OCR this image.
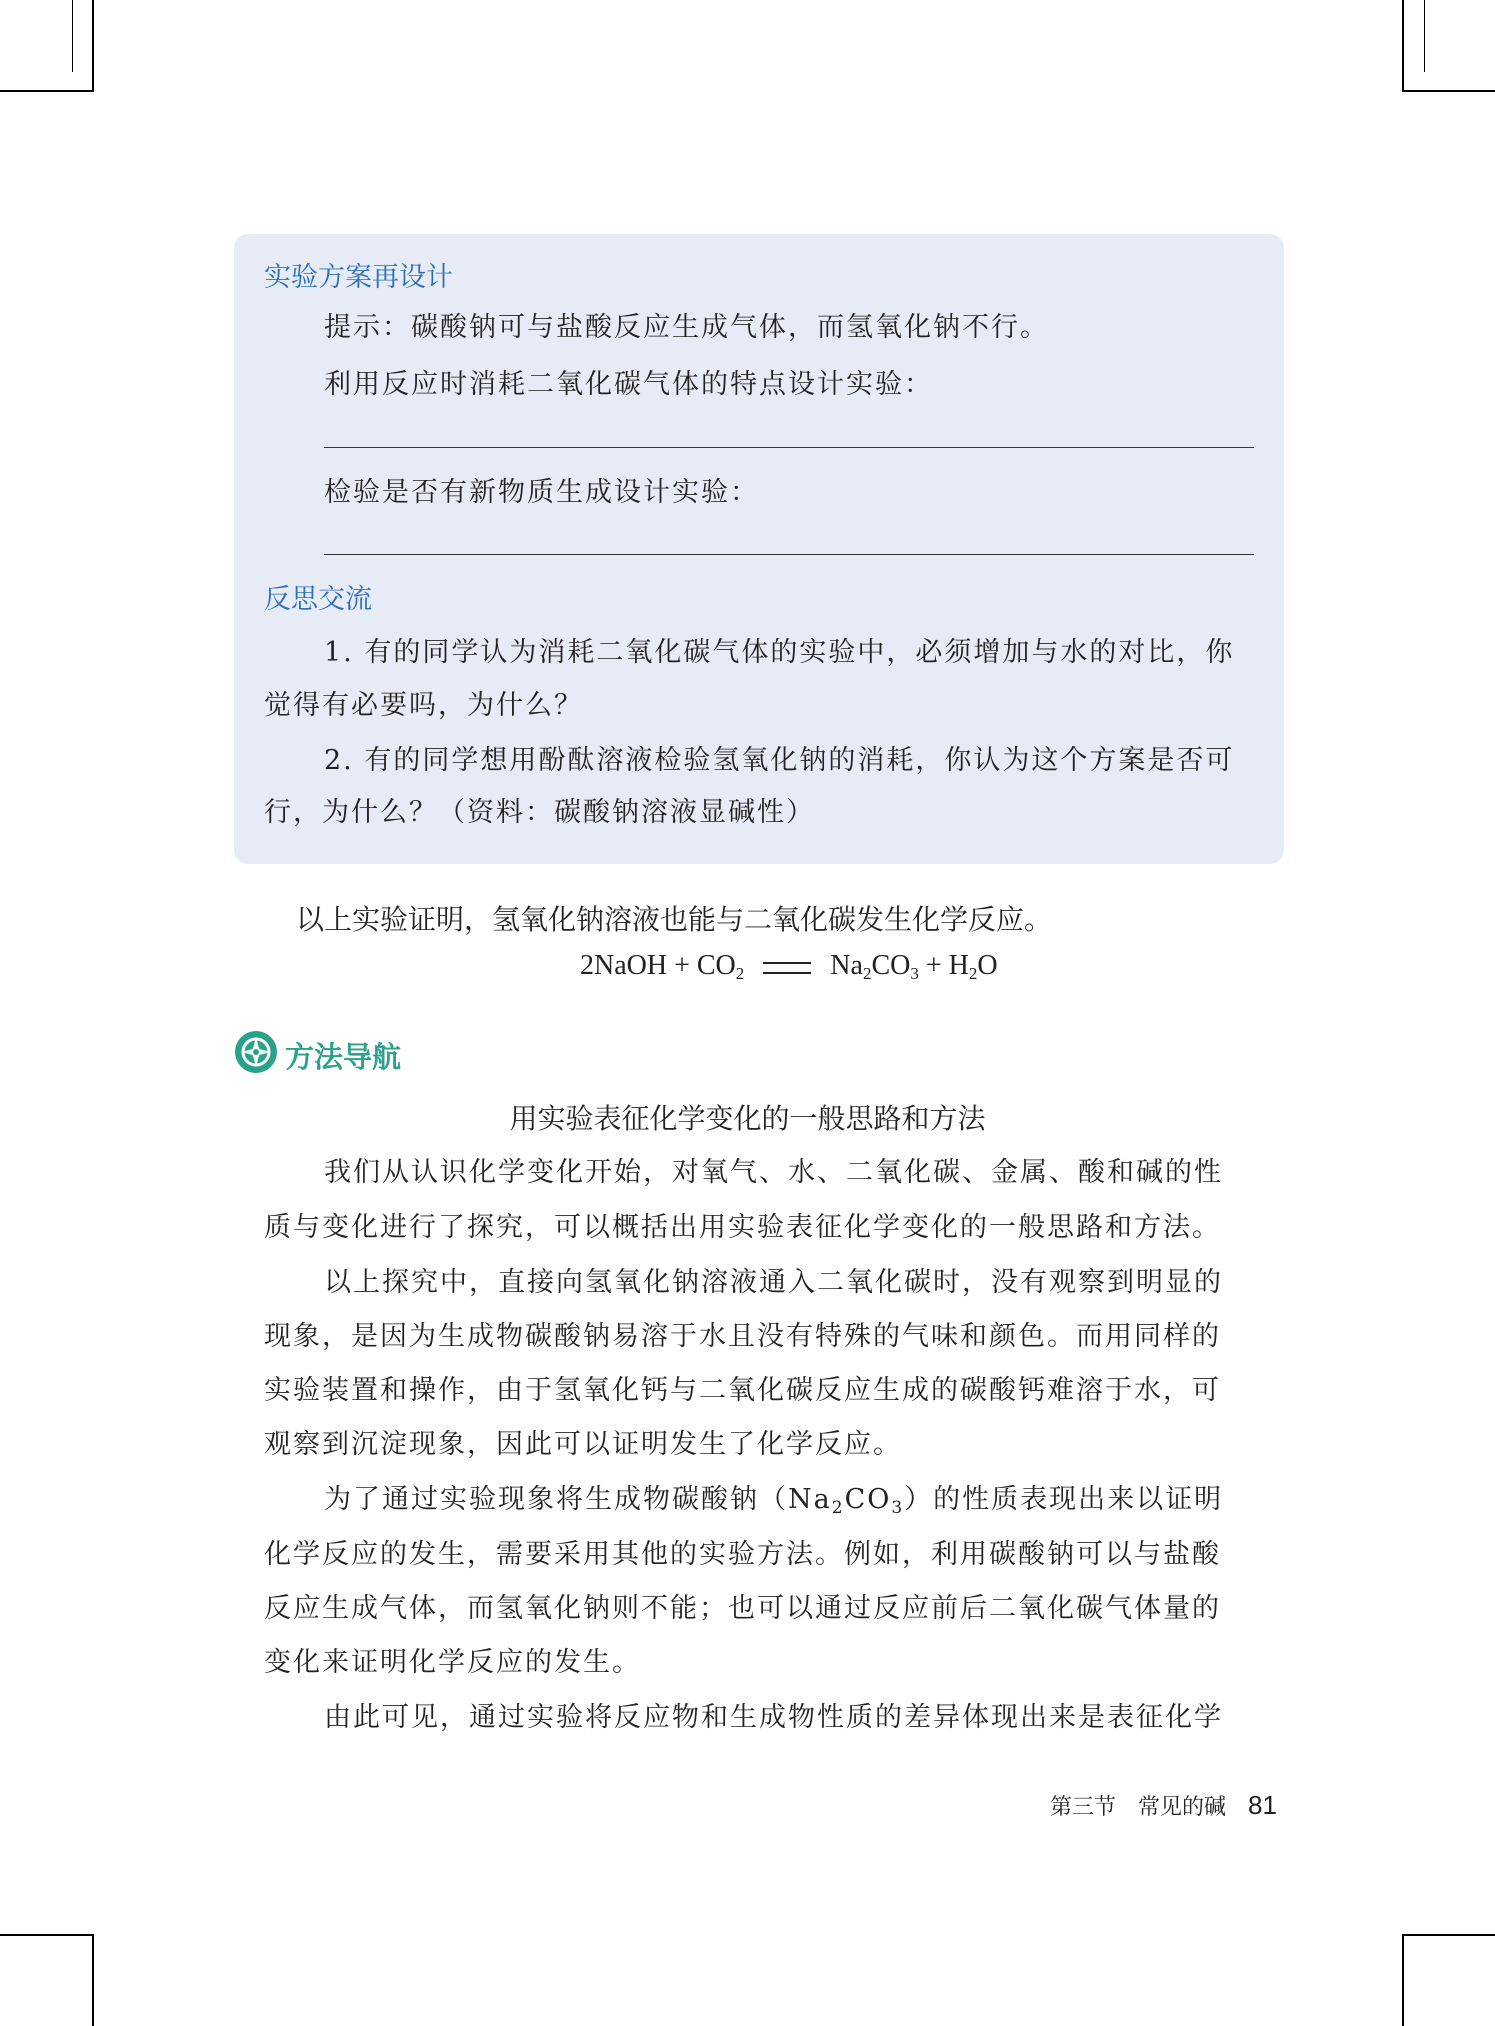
实验方案再设计
提示：碳酸钠可与盐酸反应生成气体，而氢氧化钠不行。
利用反应时消耗二氧化碳气体的特点设计实验：
检验是否有新物质生成设计实验：
反思交流
1. 有的同学认为消耗二氧化碳气体的实验中，必须增加与水的对比，你
觉得有必要吗，为什么？
2. 有的同学想用酚酞溶液检验氢氧化钠的消耗，你认为这个方案是否可
行，为什么？（资料：碳酸钠溶液显碱性）
以上实验证明，氢氧化钠溶液也能与二氧化碳发生化学反应。
2NaOH + $CO_2$	$Na_2CO_3 + H_2O$
方法导航
用实验表征化学变化的一般思路和方法
我们从认识化学变化开始，对氧气、水、二氧化碳、金属、酸和碱的性
质与变化进行了探究，可以概括出用实验表征化学变化的一般思路和方法。
以上探究中，直接向氢氧化钠溶液通入二氧化碳时，没有观察到明显的
现象，是因为生成物碳酸钠易溶于水且没有特殊的气味和颜色。而用同样的
实验装置和操作，由于氢氧化钙与二氧化碳反应生成的碳酸钙难溶于水，可
观察到沉淀现象，因此可以证明发生了化学反应。
为了通过实验现象将生成物碳酸钠$(Na_2CO_3)$的性质表现出来以证明
化学反应的发生，需要采用其他的实验方法。例如，利用碳酸钠可以与盐酸
反应生成气体，而氢氧化钠则不能；也可以通过反应前后二氧化碳气体量的
变化来证明化学反应的发生。
由此可见，通过实验将反应物和生成物性质的差异体现出来是表征化学
第三节　常见的碱 81
